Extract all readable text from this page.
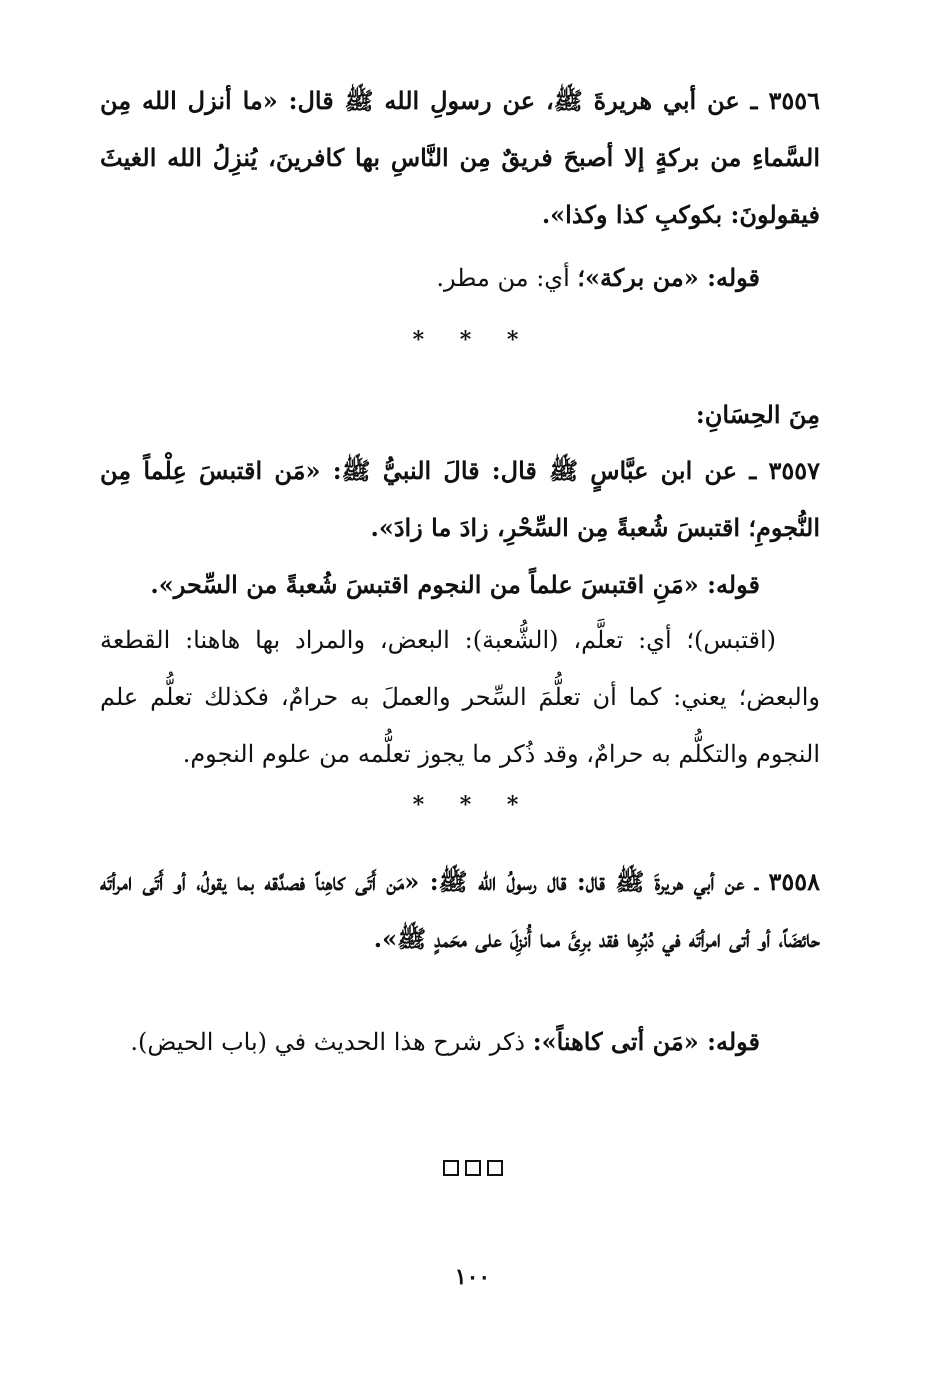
٣٥٥٦ ـ عن أبي هريرةَ ﷺ، عن رسولِ الله ﷺ قال: «ما أنزل الله مِن السَّماءِ من بركةٍ إلا أصبحَ فريقٌ مِن النَّاسِ بها كافرينَ، يُنزِلُ الله الغيثَ فيقولونَ: بكوكبِ كذا وكذا».

قوله: «من بركة»؛ أي: من مطر.
* * *
مِنَ الحِسَانِ:

٣٥٥٧ ـ عن ابن عبَّاسٍ ﷺ قال: قالَ النبيُّ ﷺ: «مَن اقتبسَ عِلْماً مِن النُّجومِ؛ اقتبسَ شُعبةً مِن السِّحْرِ، زادَ ما زادَ».

قوله: «مَنِ اقتبسَ علماً من النجوم اقتبسَ شُعبةً من السِّحر».

(اقتبس)؛ أي: تعلَّم، (الشُّعبة): البعض، والمراد بها هاهنا: القطعة والبعض؛ يعني: كما أن تعلُّمَ السِّحر والعملَ به حرامٌ، فكذلك تعلُّم علم النجوم والتكلُّم به حرامٌ، وقد ذُكر ما يجوز تعلُّمه من علوم النجوم.

* * *

٣٥٥٨ ـ عن أبي هريرةَ ﷺ قال: قال رسولُ الله ﷺ: «مَن أَتَى كاهِناً فصدَّقه بما يقولُ، أو أَتَى امرأتَه حائضَاً، أو أتى امرأتَه في دُبُرِها فقد برِئَ مما أُنزِلَ على محَمدٍ ﷺ».

قوله: «مَن أتى كاهناً»: ذكر شرح هذا الحديث في (باب الحيض).
١٠٠
